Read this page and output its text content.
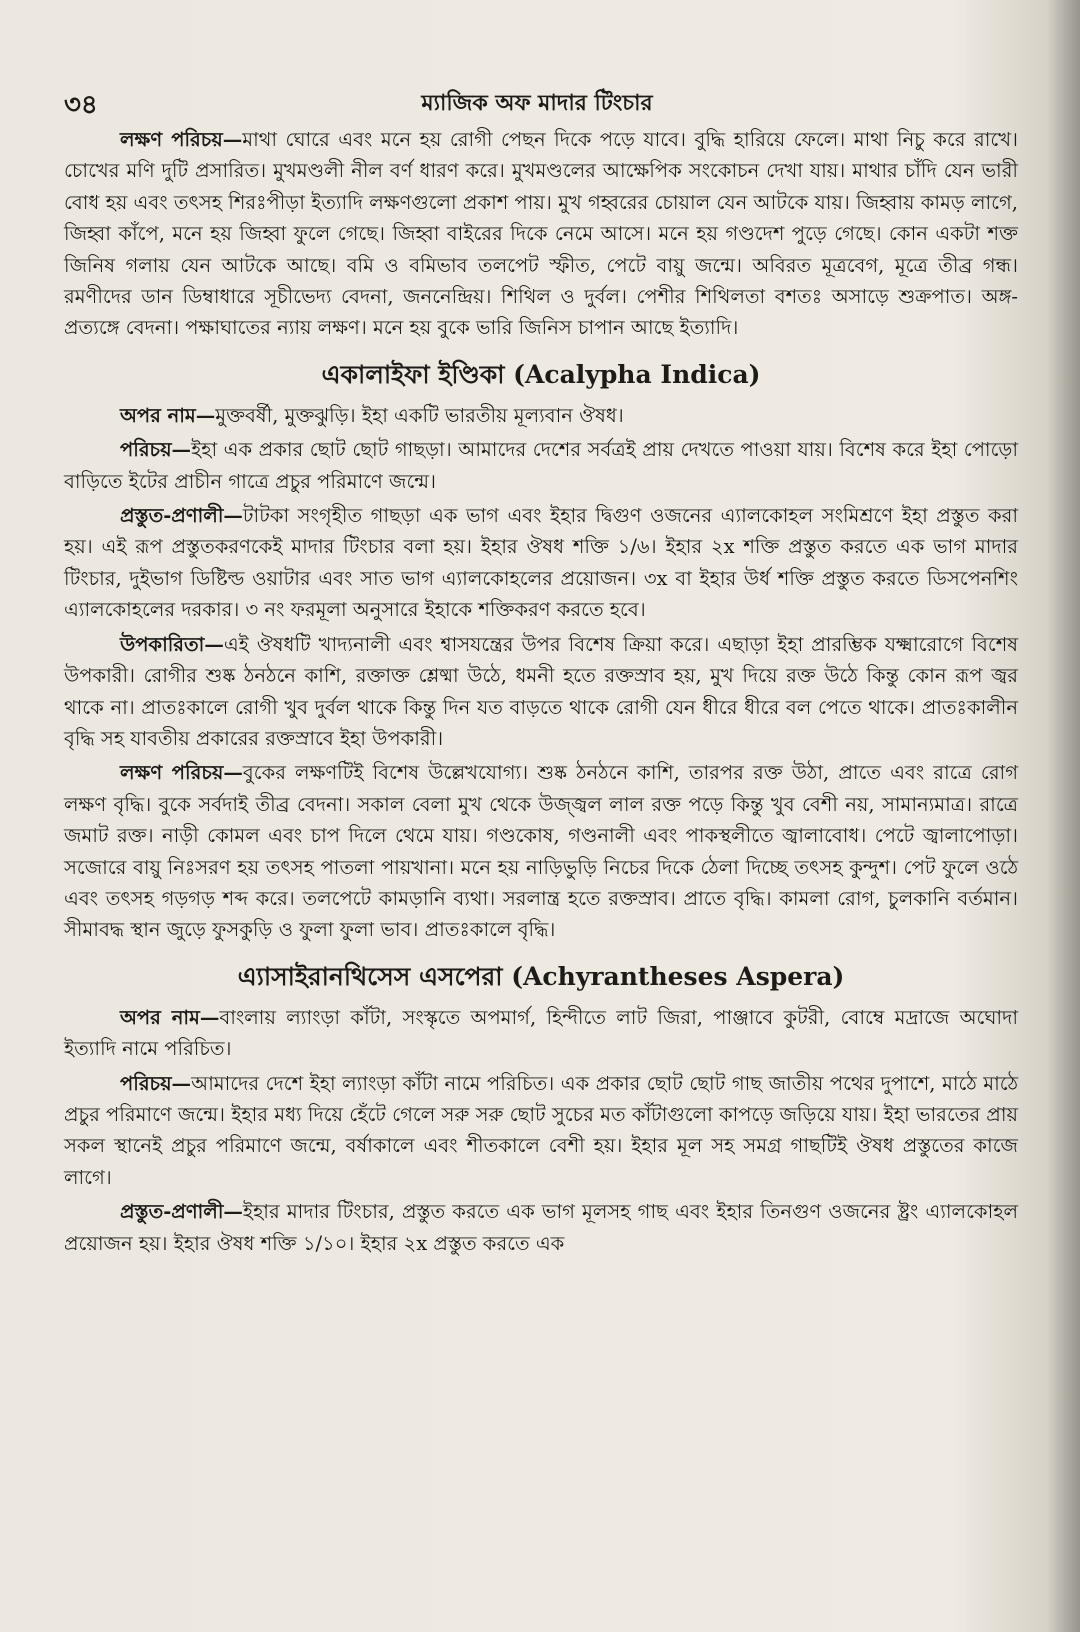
৩৪	ম্যাজিক অফ মাদার টিংচার

লক্ষণ পরিচয়—মাথা ঘোরে এবং মনে হয় রোগী পেছন দিকে পড়ে যাবে। বুদ্ধি হারিয়ে ফেলে। মাথা নিচু করে রাখে। চোখের মণি দুটি প্রসারিত। মুখমণ্ডলী নীল বর্ণ ধারণ করে। মুখমণ্ডলের আক্ষেপিক সংকোচন দেখা যায়। মাথার চাঁদি যেন ভারী বোধ হয় এবং তৎসহ শিরঃপীড়া ইত্যাদি লক্ষণগুলো প্রকাশ পায়। মুখ গহ্বরের চোয়াল যেন আটকে যায়। জিহ্বায় কামড় লাগে, জিহ্বা কাঁপে, মনে হয় জিহ্বা ফুলে গেছে। জিহ্বা বাইরের দিকে নেমে আসে। মনে হয় গণ্ডদেশ পুড়ে গেছে। কোন একটা শক্ত জিনিষ গলায় যেন আটকে আছে। বমি ও বমিভাব তলপেট স্ফীত, পেটে বায়ু জন্মে। অবিরত মূত্রবেগ, মূত্রে তীব্র গন্ধ। রমণীদের ডান ডিম্বাধারে সূচীভেদ্য বেদনা, জননেন্দ্রিয়। শিথিল ও দুর্বল। পেশীর শিথিলতা বশতঃ অসাড়ে শুক্রপাত। অঙ্গ-প্রত্যঙ্গে বেদনা। পক্ষাঘাতের ন্যায় লক্ষণ। মনে হয় বুকে ভারি জিনিস চাপান আছে ইত্যাদি।

একালাইফা ইণ্ডিকা (Acalypha Indica)

অপর নাম—মুক্তবর্ষী, মুক্তঝুড়ি। ইহা একটি ভারতীয় মূল্যবান ঔষধ।

পরিচয়—ইহা এক প্রকার ছোট ছোট গাছড়া। আমাদের দেশের সর্বত্রই প্রায় দেখতে পাওয়া যায়। বিশেষ করে ইহা পোড়ো বাড়িতে ইটের প্রাচীন গাত্রে প্রচুর পরিমাণে জন্মে।

প্রস্তুত-প্রণালী—টাটকা সংগৃহীত গাছড়া এক ভাগ এবং ইহার দ্বিগুণ ওজনের এ্যালকোহল সংমিশ্রণে ইহা প্রস্তুত করা হয়। এই রূপ প্রস্তুতকরণকেই মাদার টিংচার বলা হয়। ইহার ঔষধ শক্তি ১/৬। ইহার ২x শক্তি প্রস্তুত করতে এক ভাগ মাদার টিংচার, দুইভাগ ডিষ্টিল্ড ওয়াটার এবং সাত ভাগ এ্যালকোহলের প্রয়োজন। ৩x বা ইহার উর্ধ শক্তি প্রস্তুত করতে ডিসপেনশিং এ্যালকোহলের দরকার। ৩ নং ফরমূলা অনুসারে ইহাকে শক্তিকরণ করতে হবে।

উপকারিতা—এই ঔষধটি খাদ্যনালী এবং শ্বাসযন্ত্রের উপর বিশেষ ক্রিয়া করে। এছাড়া ইহা প্রারম্ভিক যক্ষ্মারোগে বিশেষ উপকারী। রোগীর শুষ্ক ঠনঠনে কাশি, রক্তাক্ত শ্লেষ্মা উঠে, ধমনী হতে রক্তস্রাব হয়, মুখ দিয়ে রক্ত উঠে কিন্তু কোন রূপ জ্বর থাকে না। প্রাতঃকালে রোগী খুব দুর্বল থাকে কিন্তু দিন যত বাড়তে থাকে রোগী যেন ধীরে ধীরে বল পেতে থাকে। প্রাতঃকালীন বৃদ্ধি সহ যাবতীয় প্রকারের রক্তস্রাবে ইহা উপকারী।

লক্ষণ পরিচয়—বুকের লক্ষণটিই বিশেষ উল্লেখযোগ্য। শুষ্ক ঠনঠনে কাশি, তারপর রক্ত উঠা, প্রাতে এবং রাত্রে রোগ লক্ষণ বৃদ্ধি। বুকে সর্বদাই তীব্র বেদনা। সকাল বেলা মুখ থেকে উজ্জ্বল লাল রক্ত পড়ে কিন্তু খুব বেশী নয়, সামান্যমাত্র। রাত্রে জমাট রক্ত। নাড়ী কোমল এবং চাপ দিলে থেমে যায়। গণ্ডকোষ, গণ্ডনালী এবং পাকস্থলীতে জ্বালাবোধ। পেটে জ্বালাপোড়া। সজোরে বায়ু নিঃসরণ হয় তৎসহ পাতলা পায়খানা। মনে হয় নাড়িভুড়ি নিচের দিকে ঠেলা দিচ্ছে তৎসহ কুন্দুশ। পেট ফুলে ওঠে এবং তৎসহ গড়গড় শব্দ করে। তলপেটে কামড়ানি ব্যথা। সরলান্ত্র হতে রক্তস্রাব। প্রাতে বৃদ্ধি। কামলা রোগ, চুলকানি বর্তমান। সীমাবদ্ধ স্থান জুড়ে ফুসকুড়ি ও ফুলা ফুলা ভাব। প্রাতঃকালে বৃদ্ধি।

এ্যাসাইরানথিসেস এসপেরা (Achyrantheses Aspera)

অপর নাম—বাংলায় ল্যাংড়া কাঁটা, সংস্কৃতে অপমার্গ, হিন্দীতে লাট জিরা, পাঞ্জাবে কুটরী, বোম্বে মদ্রাজে অঘোদা ইত্যাদি নামে পরিচিত।

পরিচয়—আমাদের দেশে ইহা ল্যাংড়া কাঁটা নামে পরিচিত। এক প্রকার ছোট ছোট গাছ জাতীয় পথের দুপাশে, মাঠে মাঠে প্রচুর পরিমাণে জন্মে। ইহার মধ্য দিয়ে হেঁটে গেলে সরু সরু ছোট সুচের মত কাঁটাগুলো কাপড়ে জড়িয়ে যায়। ইহা ভারতের প্রায় সকল স্থানেই প্রচুর পরিমাণে জন্মে, বর্ষাকালে এবং শীতকালে বেশী হয়। ইহার মূল সহ সমগ্র গাছটিই ঔষধ প্রস্তুতের কাজে লাগে।

প্রস্তুত-প্রণালী—ইহার মাদার টিংচার, প্রস্তুত করতে এক ভাগ মূলসহ গাছ এবং ইহার তিনগুণ ওজনের ষ্ট্রং এ্যালকোহল প্রয়োজন হয়। ইহার ঔষধ শক্তি ১/১০। ইহার ২x প্রস্তুত করতে এক
